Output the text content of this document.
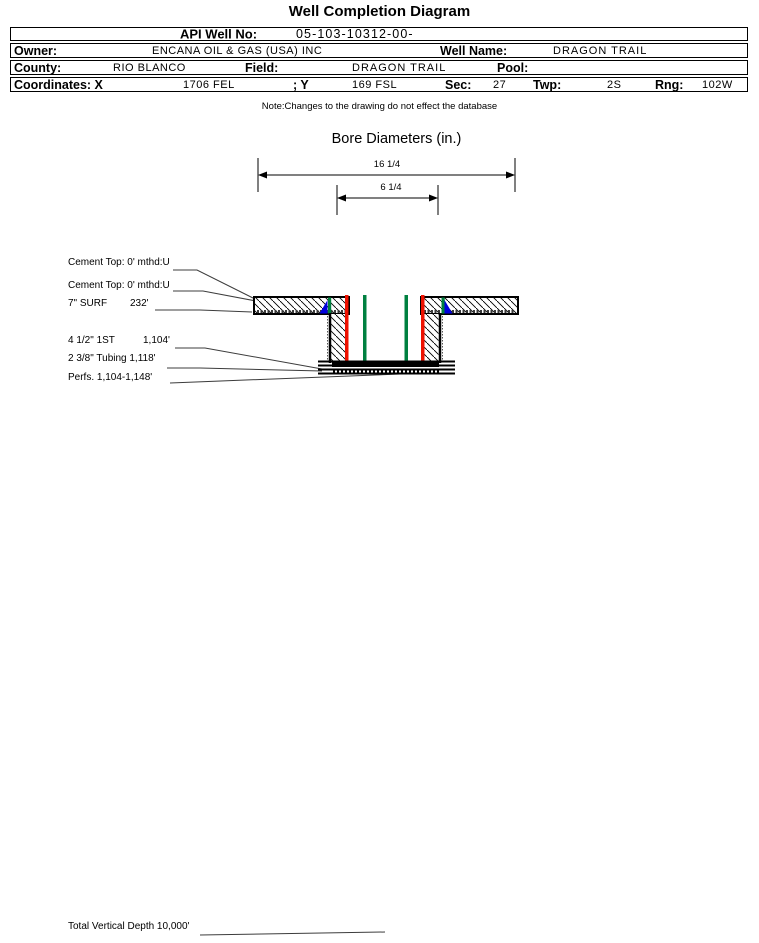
Well Completion Diagram
API Well No:	05-103-10312-00-
Owner:	ENCANA OIL & GAS (USA) INC	Well Name:	DRAGON TRAIL
County:	RIO BLANCO	Field:	DRAGON TRAIL	Pool:
Coordinates: X	1706 FEL	; Y	169 FSL	Sec: 27 Twp:	2S	Rng: 102W
Note:Changes to the drawing do not effect the database
Bore Diameters (in.)
Cement Top: 0' mthd:U
Cement Top: 0' mthd:U
7" SURF 232'
4 1/2" 1ST	1,104'
2 3/8" Tubing 1,118'
Perfs. 1,104-1,148'
Total Vertical Depth 10,000'
16 1/4
6 1/4
